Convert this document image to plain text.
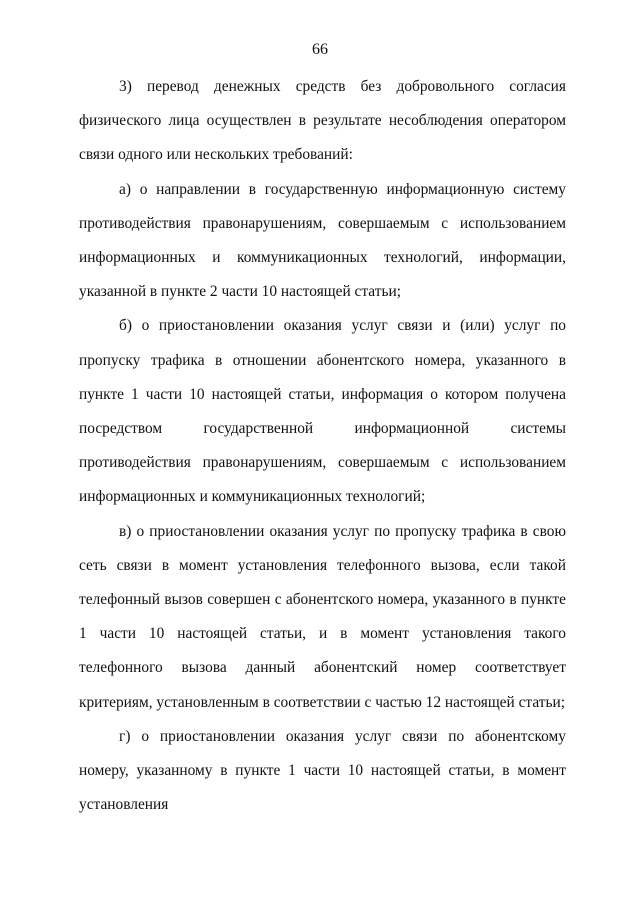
66

3) перевод денежных средств без добровольного согласия физического лица осуществлен в результате несоблюдения оператором связи одного или нескольких требований:

а) о направлении в государственную информационную систему противодействия правонарушениям, совершаемым с использованием информационных и коммуникационных технологий, информации, указанной в пункте 2 части 10 настоящей статьи;

б) о приостановлении оказания услуг связи и (или) услуг по пропуску трафика в отношении абонентского номера, указанного в пункте 1 части 10 настоящей статьи, информация о котором получена посредством государственной информационной системы противодействия правонарушениям, совершаемым с использованием информационных и коммуникационных технологий;

в) о приостановлении оказания услуг по пропуску трафика в свою сеть связи в момент установления телефонного вызова, если такой телефонный вызов совершен с абонентского номера, указанного в пункте 1 части 10 настоящей статьи, и в момент установления такого телефонного вызова данный абонентский номер соответствует критериям, установленным в соответствии с частью 12 настоящей статьи;

г) о приостановлении оказания услуг связи по абонентскому номеру, указанному в пункте 1 части 10 настоящей статьи, в момент установления
